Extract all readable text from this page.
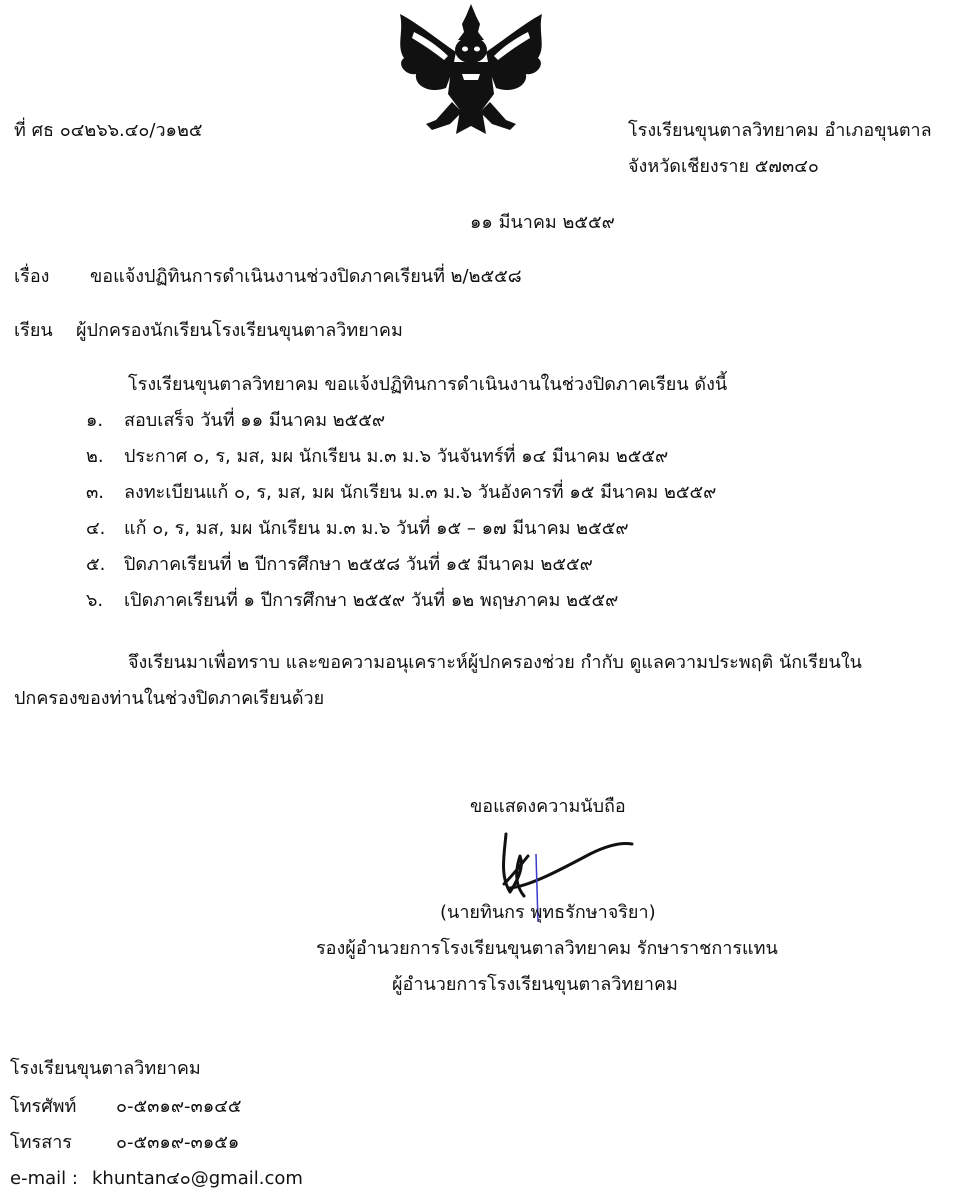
ที่ ศธ ๐๔๒๖๖.๔๐/ว๑๒๕	โรงเรียนขุนตาลวิทยาคม อำเภอขุนตาล
จังหวัดเชียงราย ๕๗๓๔๐
๑๑ มีนาคม ๒๕๕๙
เรื่อง ขอแจ้งปฏิทินการดำเนินงานช่วงปิดภาคเรียนที่ ๒/๒๕๕๘
เรียน ผู้ปกครองนักเรียนโรงเรียนขุนตาลวิทยาคม
โรงเรียนขุนตาลวิทยาคม ขอแจ้งปฏิทินการดำเนินงานในช่วงปิดภาคเรียน ดังนี้
๑. สอบเสร็จ วันที่ ๑๑ มีนาคม ๒๕๕๙
๒. ประกาศ ๐, ร, มส, มผ นักเรียน ม.๓ ม.๖ วันจันทร์ที่ ๑๔ มีนาคม ๒๕๕๙
๓. ลงทะเบียนแก้ ๐, ร, มส, มผ นักเรียน ม.๓ ม.๖ วันอังคารที่ ๑๕ มีนาคม ๒๕๕๙
๔. แก้ ๐, ร, มส, มผ นักเรียน ม.๓ ม.๖ วันที่ ๑๕ – ๑๗ มีนาคม ๒๕๕๙
๕. ปิดภาคเรียนที่ ๒ ปีการศึกษา ๒๕๕๘ วันที่ ๑๕ มีนาคม ๒๕๕๙
๖. เปิดภาคเรียนที่ ๑ ปีการศึกษา ๒๕๕๙ วันที่ ๑๒ พฤษภาคม ๒๕๕๙
จึงเรียนมาเพื่อทราบ และขอความอนุเคราะห์ผู้ปกครองช่วย กำกับ ดูแลความประพฤติ นักเรียนใน
ปกครองของท่านในช่วงปิดภาคเรียนด้วย
ขอแสดงความนับถือ
(นายทินกร พุทธรักษาจริยา)
รองผู้อำนวยการโรงเรียนขุนตาลวิทยาคม รักษาราชการแทน
ผู้อำนวยการโรงเรียนขุนตาลวิทยาคม
โรงเรียนขุนตาลวิทยาคม
โทรศัพท์ ๐-๕๓๑๙-๓๑๔๕
โทรสาร ๐-๕๓๑๙-๓๑๕๑
e-mail : khuntan๔๐@gmail.com
